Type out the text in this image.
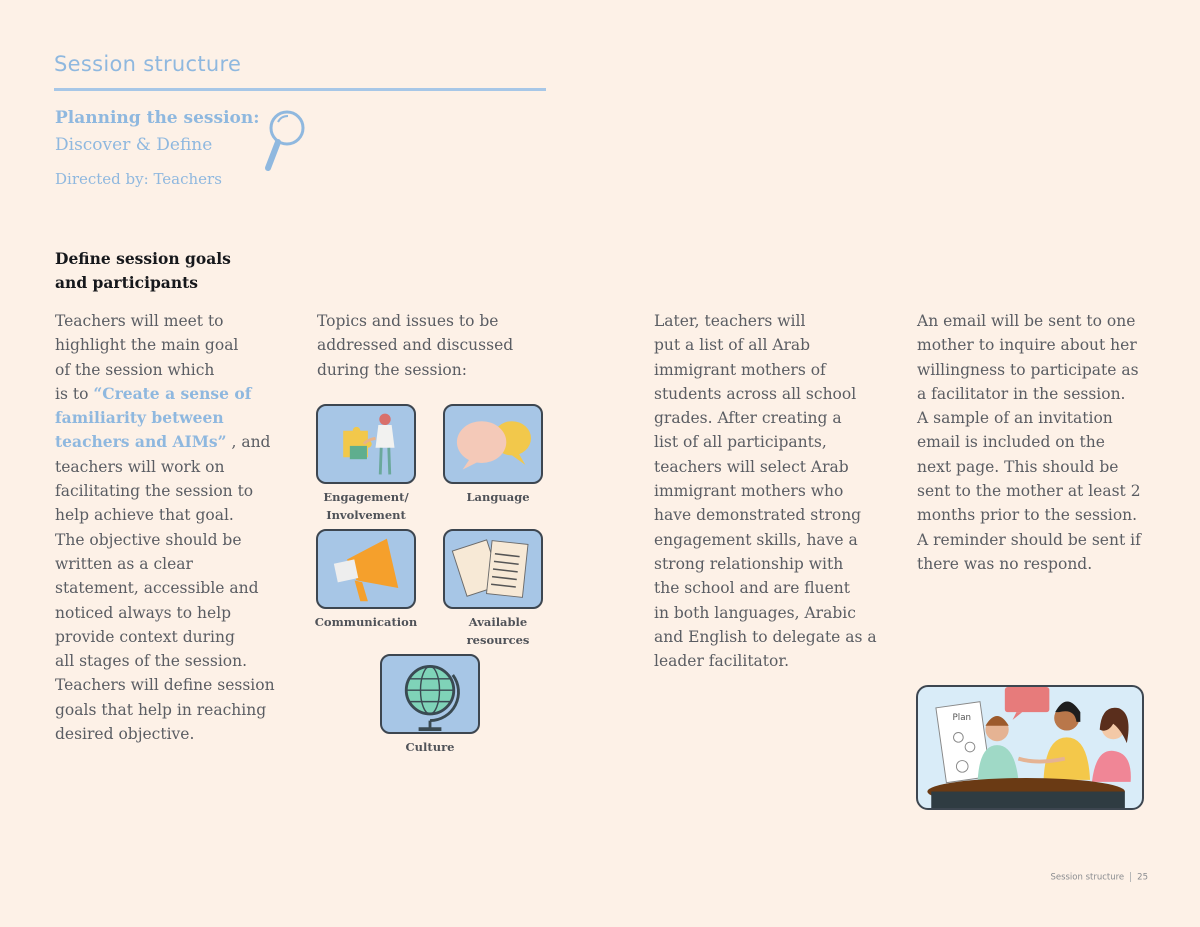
Session structure
Planning the session:
Discover & Define
Directed by: Teachers
Define session goals
and participants
Teachers will meet to
highlight the main goal
of the session which
is to “Create a sense of
familiarity between
teachers and AIMs” , and
teachers will work on
facilitating the session to
help achieve that goal.
The objective should be
written as a clear
statement, accessible and
noticed always to help
provide context during
all stages of the session.
Teachers will define session
goals that help in reaching
desired objective.
Topics and issues to be
addressed and discussed
during the session:
Engagement/
Involvement
Language
Communication	Available
resources
Culture
Later, teachers will
put a list of all Arab
immigrant mothers of
students across all school
grades. After creating a
list of all participants,
teachers will select Arab
immigrant mothers who
have demonstrated strong
engagement skills, have a
strong relationship with
the school and are fluent
in both languages, Arabic
and English to delegate as a
leader facilitator.
An email will be sent to one
mother to inquire about her
willingness to participate as
a facilitator in the session.
A sample of an invitation
email is included on the
next page. This should be
sent to the mother at least 2
months prior to the session.
A reminder should be sent if
there was no respond.
Plan
Session structure 25
